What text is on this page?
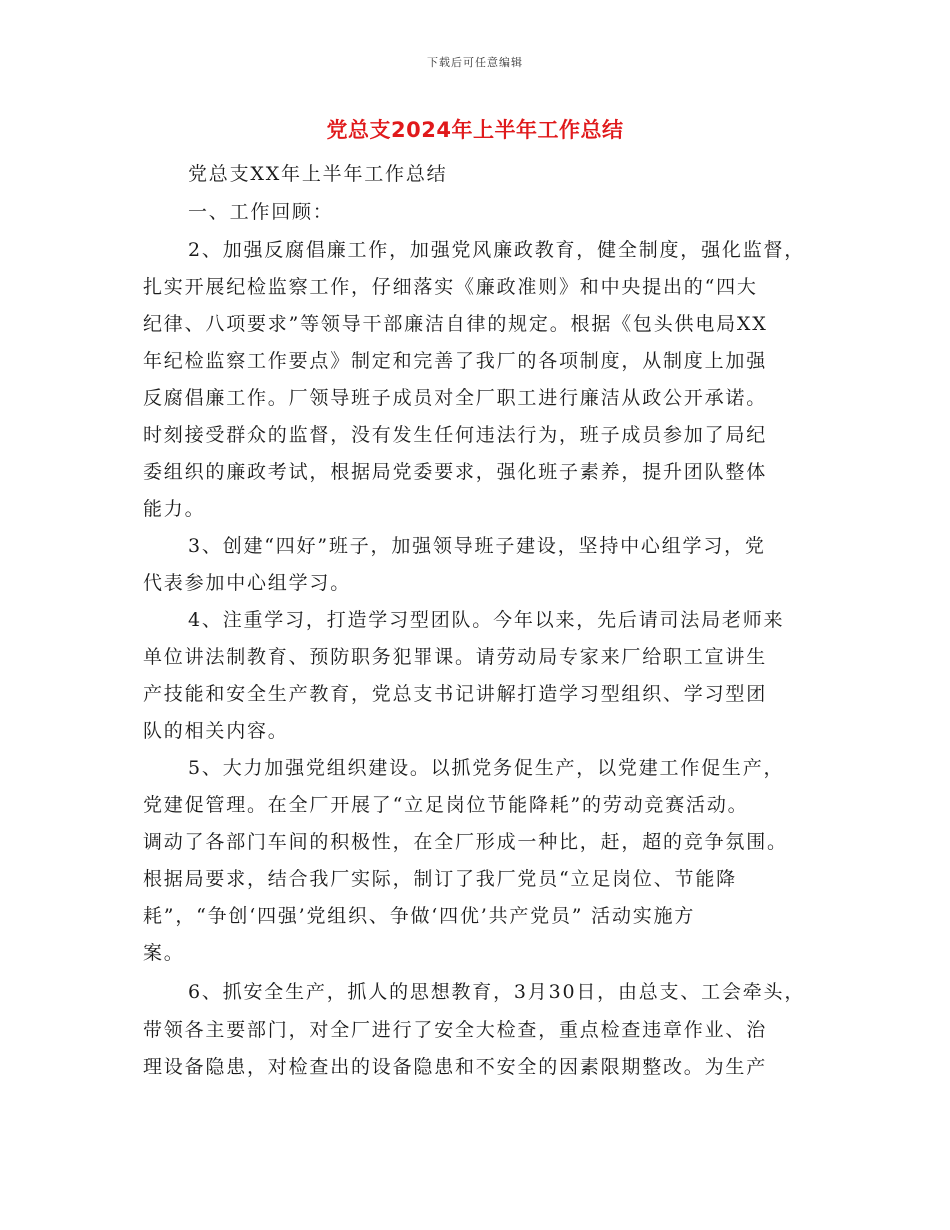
下载后可任意编辑
党总支2024年上半年工作总结
党总支XX年上半年工作总结
一、工作回顾：
2、加强反腐倡廉工作，加强党风廉政教育，健全制度，强化监督，
扎实开展纪检监察工作，仔细落实《廉政准则》和中央提出的“四大
纪律、八项要求”等领导干部廉洁自律的规定。根据《包头供电局XX
年纪检监察工作要点》制定和完善了我厂的各项制度，从制度上加强
反腐倡廉工作。厂领导班子成员对全厂职工进行廉洁从政公开承诺。
时刻接受群众的监督，没有发生任何违法行为，班子成员参加了局纪
委组织的廉政考试，根据局党委要求，强化班子素养，提升团队整体
能力。
3、创建“四好”班子，加强领导班子建设，坚持中心组学习，党
代表参加中心组学习。
4、注重学习，打造学习型团队。今年以来，先后请司法局老师来
单位讲法制教育、预防职务犯罪课。请劳动局专家来厂给职工宣讲生
产技能和安全生产教育，党总支书记讲解打造学习型组织、学习型团
队的相关内容。
5、大力加强党组织建设。以抓党务促生产，以党建工作促生产，
党建促管理。在全厂开展了“立足岗位节能降耗”的劳动竞赛活动。
调动了各部门车间的积极性，在全厂形成一种比，赶，超的竞争氛围。
根据局要求，结合我厂实际，制订了我厂党员“立足岗位、节能降
耗”，“争创‘四强’党组织、争做‘四优’共产党员” 活动实施方
案。
6、抓安全生产，抓人的思想教育，3月30日，由总支、工会牵头，
带领各主要部门，对全厂进行了安全大检查，重点检查违章作业、治
理设备隐患，对检查出的设备隐患和不安全的因素限期整改。为生产
